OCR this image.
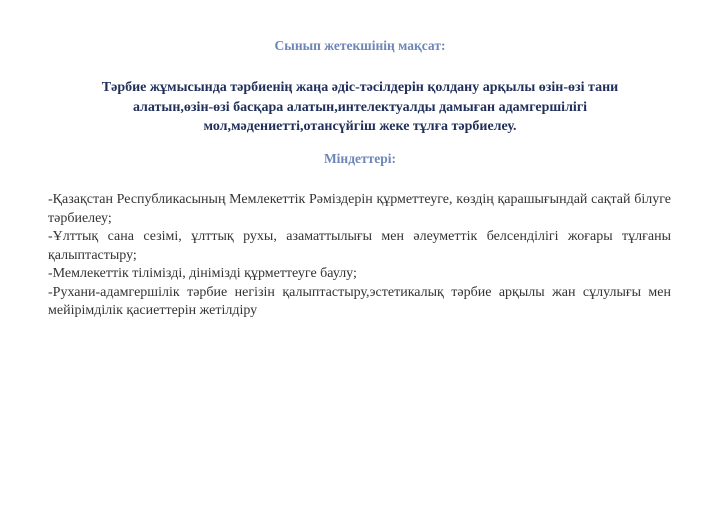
Сынып жетекшінің мақсат:
Тәрбие жұмысында тәрбиенің жаңа әдіс-тәсілдерін қолдану арқылы өзін-өзі тани алатын,өзін-өзі басқара алатын,интелектуалды дамыған адамгершілігі мол,мәдениетті,отансүйгіш жеке тұлға тәрбиелеу.
Міндеттері:
-Қазақстан Республикасының Мемлекеттік Рәміздерін құрметтеуге, көздің қарашығындай сақтай білуге тәрбиелеу;
-Ұлттық сана сезімі, ұлттық рухы, азаматтылығы мен әлеуметтік белсенділігі жоғары тұлғаны қалыптастыру;
-Мемлекеттік тілімізді, дінімізді құрметтеуге баулу;
-Рухани-адамгершілік тәрбие негізін қалыптастыру,эстетикалық тәрбие арқылы жан сұлулығы мен мейірімділік қасиеттерін жетілдіру
